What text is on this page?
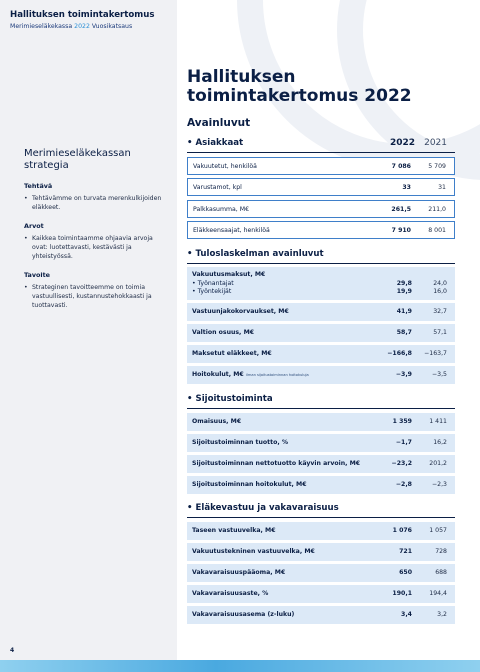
Hallituksen toimintakertomus
Merimieseläkekassa 2022 Vuosikatsaus
Hallituksen
toimintakertomus 2022
Avainluvut
Merimieseläkekassan
strategia
Tehtävä
• Tehtävämme on turvata merenkulkijoiden eläkkeet.
Arvot
• Kaikkea toimintaamme ohjaavia arvoja ovat: luotettavasti, kestävästi ja yhteistyössä.
Tavoite
• Strateginen tavoitteemme on toimia vastuullisesti, kustannustehokkaasti ja tuottavasti.
• Asiakkaat	2022 2021
Vakuutetut, henkilöä	7 086	5 709
Varustamot, kpl	33	31
Palkkasumma, M€	261,5	211,0
Eläkkeensaajat, henkilöä	7 910	8 001
• Tuloslaskelman avainluvut
Vakuutusmaksut, M€
• Työnantajat	29,8	24,0
• Työntekijät	19,9	16,0
Vastuunjakokorvaukset, M€	41,9	32,7
Valtion osuus, M€	58,7	57,1
Maksetut eläkkeet, M€	−166,8 −163,7
Hoitokulut, M€ ilman sijoitustoiminnan hoitokuluja	−3,9	−3,5
• Sijoitustoiminta
Omaisuus, M€	1 359	1 411
Sijoitustoiminnan tuotto, %	−1,7	16,2
Sijoitustoiminnan nettotuotto käyvin arvoin, M€	−23,2	201,2
Sijoitustoiminnan hoitokulut, M€	−2,8	−2,3
• Eläkevastuu ja vakavaraisuus
Taseen vastuuvelka, M€	1 076	1 057
Vakuutustekninen vastuuvelka, M€	721	728
Vakavaraisuuspääoma, M€	650	688
Vakavaraisuusaste, %	190,1	194,4
Vakavaraisuusasema (z-luku)	3,4	3,2
4
